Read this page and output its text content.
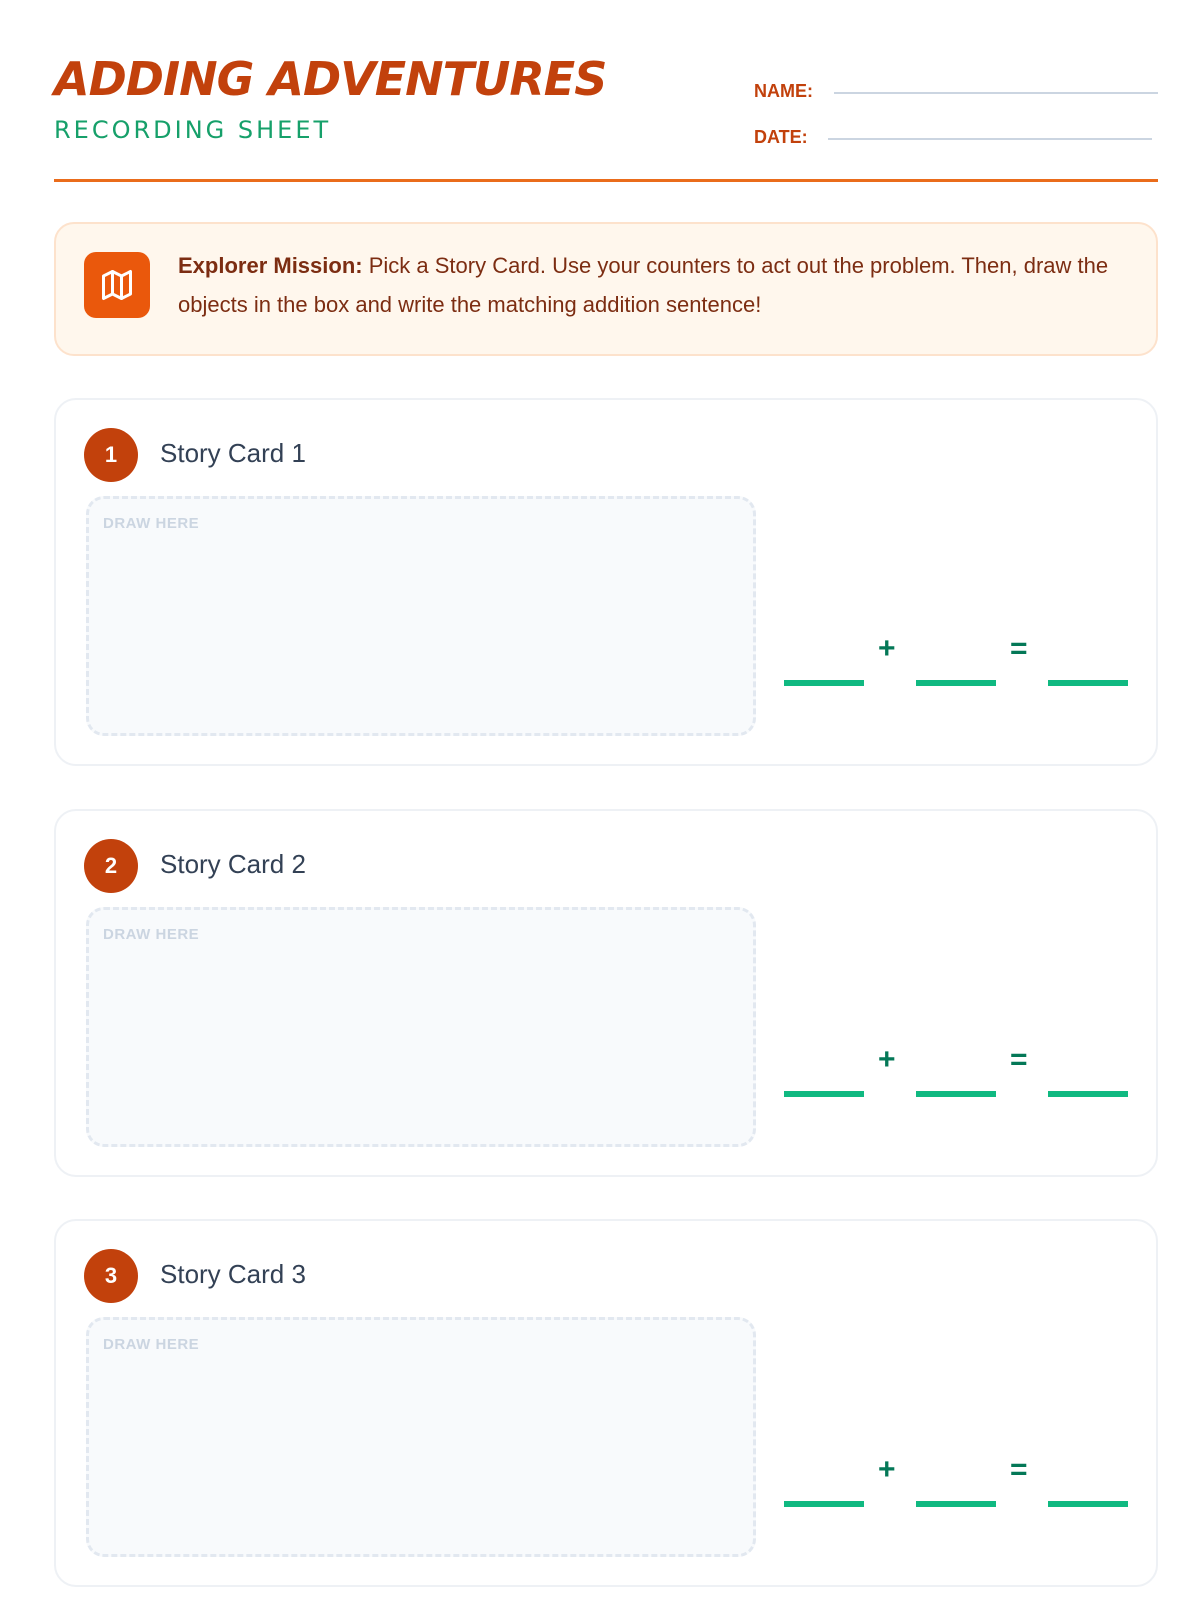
ADDING ADVENTURES
RECORDING SHEET
NAME:
DATE:
Explorer Mission: Pick a Story Card. Use your counters to act out the problem. Then, draw the objects in the box and write the matching addition sentence!
1	Story Card 1
DRAW HERE
+	=
2	Story Card 2
DRAW HERE
+	=
3	Story Card 3
DRAW HERE
+	=
